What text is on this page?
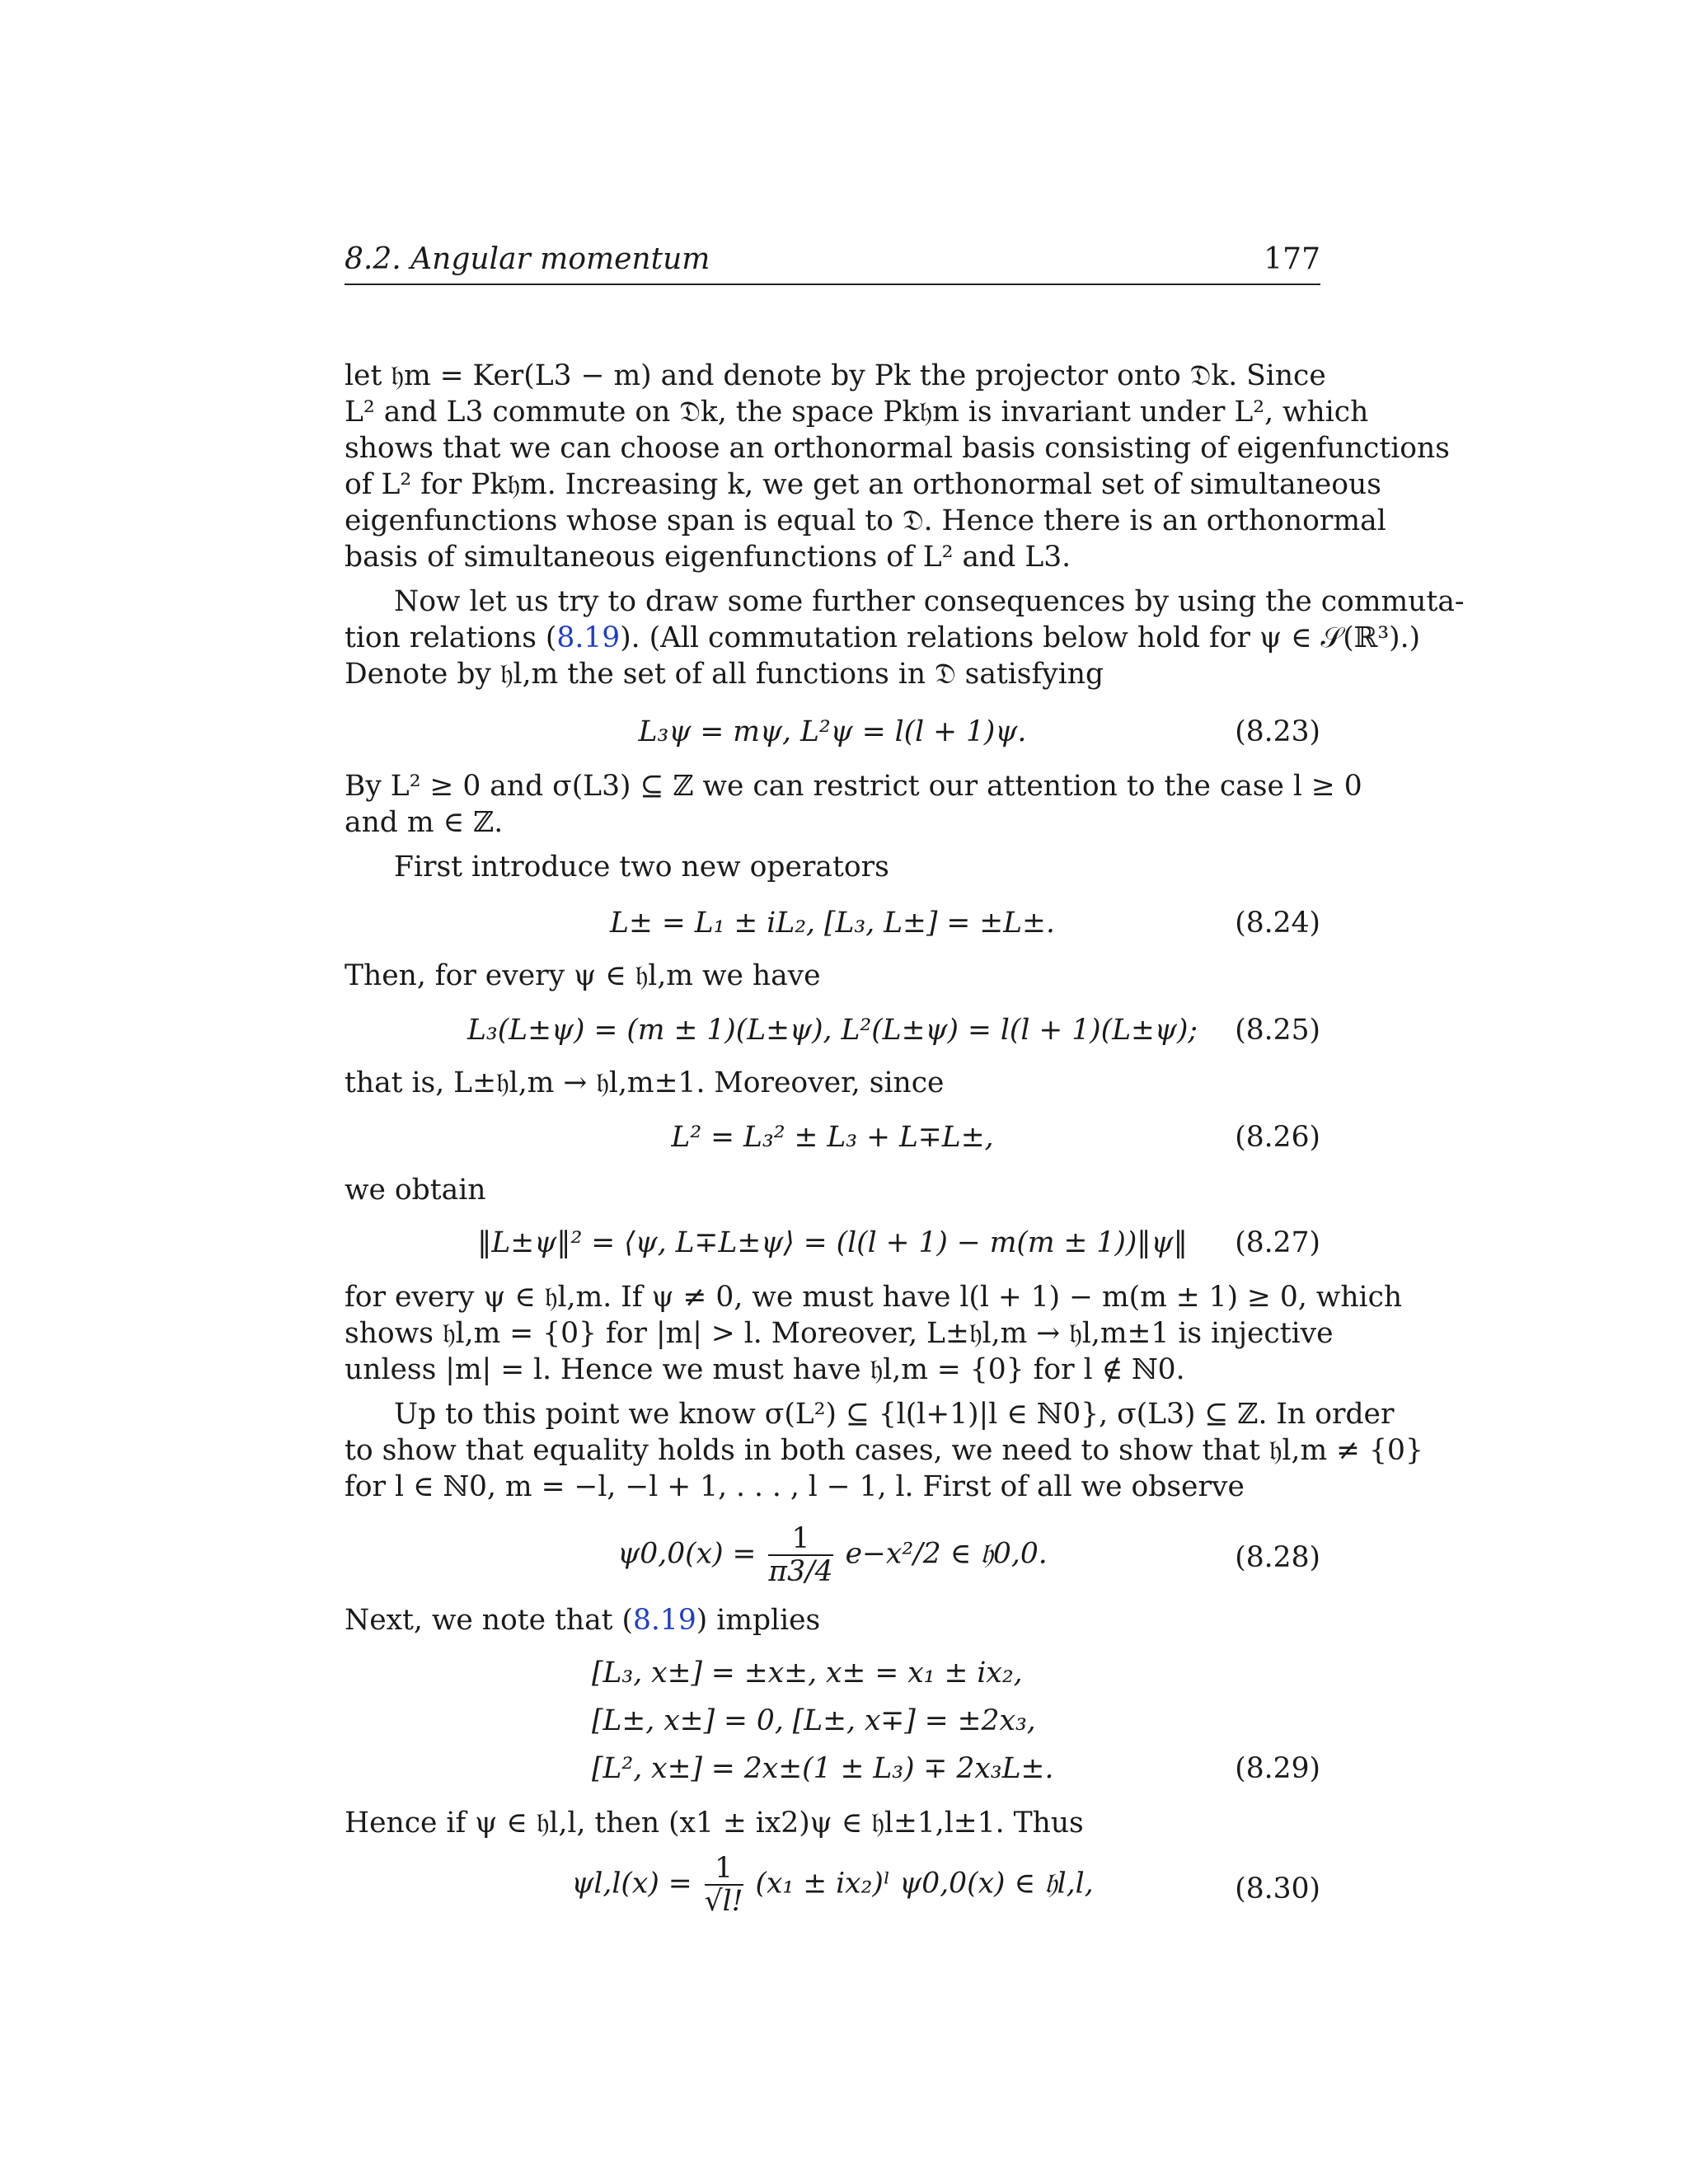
8.2. Angular momentum	177
let 𝔥m = Ker(L3 − m) and denote by Pk the projector onto 𝔇k. Since
L² and L3 commute on 𝔇k, the space Pk𝔥m is invariant under L², which
shows that we can choose an orthonormal basis consisting of eigenfunctions
of L² for Pk𝔥m. Increasing k, we get an orthonormal set of simultaneous
eigenfunctions whose span is equal to 𝔇. Hence there is an orthonormal
basis of simultaneous eigenfunctions of L² and L3.
Now let us try to draw some further consequences by using the commuta-
tion relations (8.19). (All commutation relations below hold for ψ ∈ 𝒮(ℝ³).)
Denote by 𝔥l,m the set of all functions in 𝔇 satisfying
L₃ψ = mψ, L²ψ = l(l + 1)ψ.	(8.23)
By L² ≥ 0 and σ(L3) ⊆ ℤ we can restrict our attention to the case l ≥ 0
and m ∈ ℤ.
First introduce two new operators
L± = L₁ ± iL₂, [L₃, L±] = ±L±.	(8.24)
Then, for every ψ ∈ 𝔥l,m we have
L₃(L±ψ) = (m ± 1)(L±ψ), L²(L±ψ) = l(l + 1)(L±ψ);	(8.25)
that is, L±𝔥l,m → 𝔥l,m±1. Moreover, since
L² = L₃² ± L₃ + L∓L±,	(8.26)
we obtain
‖L±ψ‖² = ⟨ψ, L∓L±ψ⟩ = (l(l + 1) − m(m ± 1))‖ψ‖	(8.27)
for every ψ ∈ 𝔥l,m. If ψ ≠ 0, we must have l(l + 1) − m(m ± 1) ≥ 0, which
shows 𝔥l,m = {0} for |m| > l. Moreover, L±𝔥l,m → 𝔥l,m±1 is injective
unless |m| = l. Hence we must have 𝔥l,m = {0} for l ∉ ℕ0.
Up to this point we know σ(L²) ⊆ {l(l+1)|l ∈ ℕ0}, σ(L3) ⊆ ℤ. In order
to show that equality holds in both cases, we need to show that 𝔥l,m ≠ {0}
for l ∈ ℕ0, m = −l, −l + 1, . . . , l − 1, l. First of all we observe
$\psi 0,0(x) = \frac{1}{\pi 3/4} e-x^2/2$ ∈ 𝔥0,0.	(8.28)
Next, we note that (8.19) implies
[L₃, x±] = ±x±, x± = x₁ ± ix₂,
[L±, x±] = 0, [L±, x∓] = ±2x₃,
[L², x±] = 2x±(1 ± L₃) ∓ 2x₃L±.	(8.29)
Hence if ψ ∈ 𝔥l,l, then (x1 ± ix2)ψ ∈ 𝔥l±1,l±1. Thus
$\psi l,l(x) = \frac{1}{√l!} (x_1$ ± ix₂)ˡ ψ0,0(x) ∈ 𝔥l,l,	(8.30)
